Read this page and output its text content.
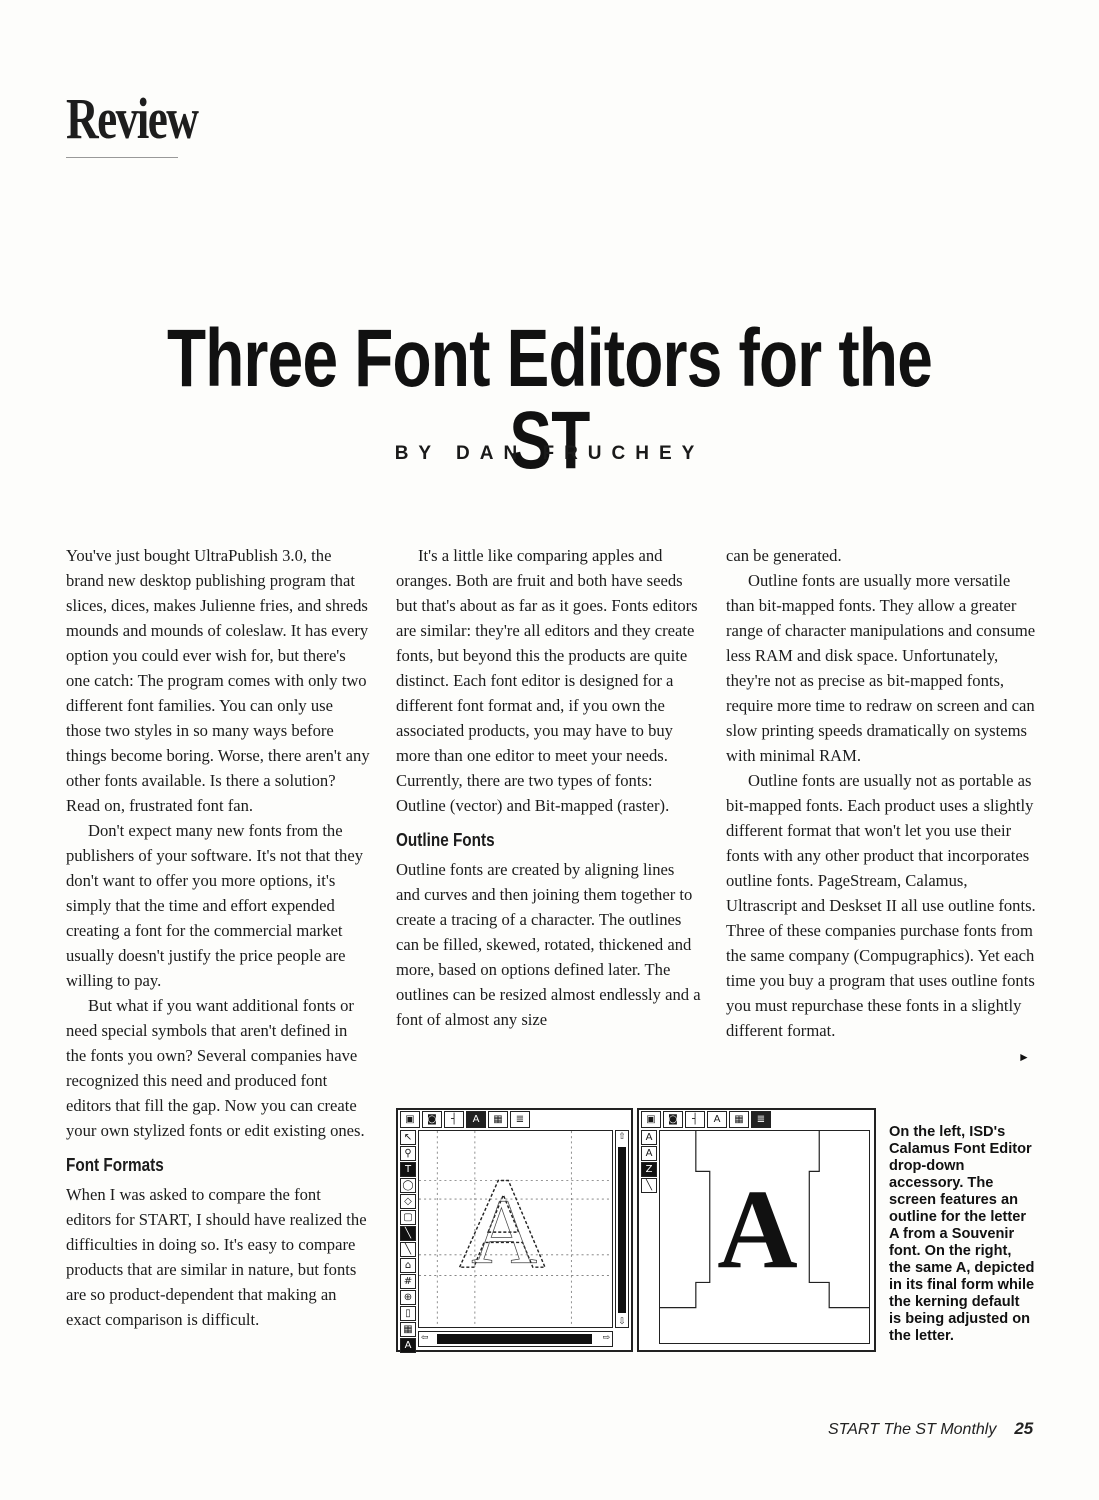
Review
Three Font Editors for the ST
BY DAN FRUCHEY

You've just bought UltraPublish 3.0, the brand new desktop publishing program that slices, dices, makes Julienne fries, and shreds mounds and mounds of coleslaw. It has every option you could ever wish for, but there's one catch: The program comes with only two different font families. You can only use those two styles in so many ways before things become boring. Worse, there aren't any other fonts available. Is there a solution? Read on, frustrated font fan.

Don't expect many new fonts from the publishers of your software. It's not that they don't want to offer you more options, it's simply that the time and effort expended creating a font for the commercial market usually doesn't justify the price people are willing to pay.

But what if you want additional fonts or need special symbols that aren't defined in the fonts you own? Several companies have recognized this need and produced font editors that fill the gap. Now you can create your own stylized fonts or edit existing ones.

Font Formats

When I was asked to compare the font editors for START, I should have realized the difficulties in doing so. It's easy to compare products that are similar in nature, but fonts are so product-dependent that making an exact comparison is difficult.

It's a little like comparing apples and oranges. Both are fruit and both have seeds but that's about as far as it goes. Fonts editors are similar: they're all editors and they create fonts, but beyond this the products are quite distinct. Each font editor is designed for a different font format and, if you own the associated products, you may have to buy more than one editor to meet your needs. Currently, there are two types of fonts: Outline (vector) and Bit-mapped (raster).

Outline Fonts

Outline fonts are created by aligning lines and curves and then joining them together to create a tracing of a character. The outlines can be filled, skewed, rotated, thickened and more, based on options defined later. The outlines can be resized almost endlessly and a font of almost any size

can be generated.

Outline fonts are usually more versatile than bit-mapped fonts. They allow a greater range of character manipulations and consume less RAM and disk space. Unfortunately, they're not as precise as bit-mapped fonts, require more time to redraw on screen and can slow printing speeds dramatically on systems with minimal RAM.

Outline fonts are usually not as portable as bit-mapped fonts. Each product uses a slightly different format that won't let you use their fonts with any other product that incorporates outline fonts. PageStream, Calamus, Ultrascript and Deskset II all use outline fonts. Three of these companies purchase fonts from the same company (Compugraphics). Yet each time you buy a program that uses outline fonts you must repurchase these fonts in a slightly different format.

►
▣	◙	┤	A	▦	≣
↖
⚲
T
◯
◇
▢
╲
╲
⌂
#
⊕
▯
▦
A
A
⇧
⇩
⇦	⇨
▣	◙	┤	A	▦	≣
A
A
Z
╲ A
On the left, ISD's Calamus Font Editor drop-down accessory. The screen features an outline for the letter A from a Souvenir font. On the right, the same A, depicted in its final form while the kerning default is being adjusted on the letter.
START The ST Monthly 25
